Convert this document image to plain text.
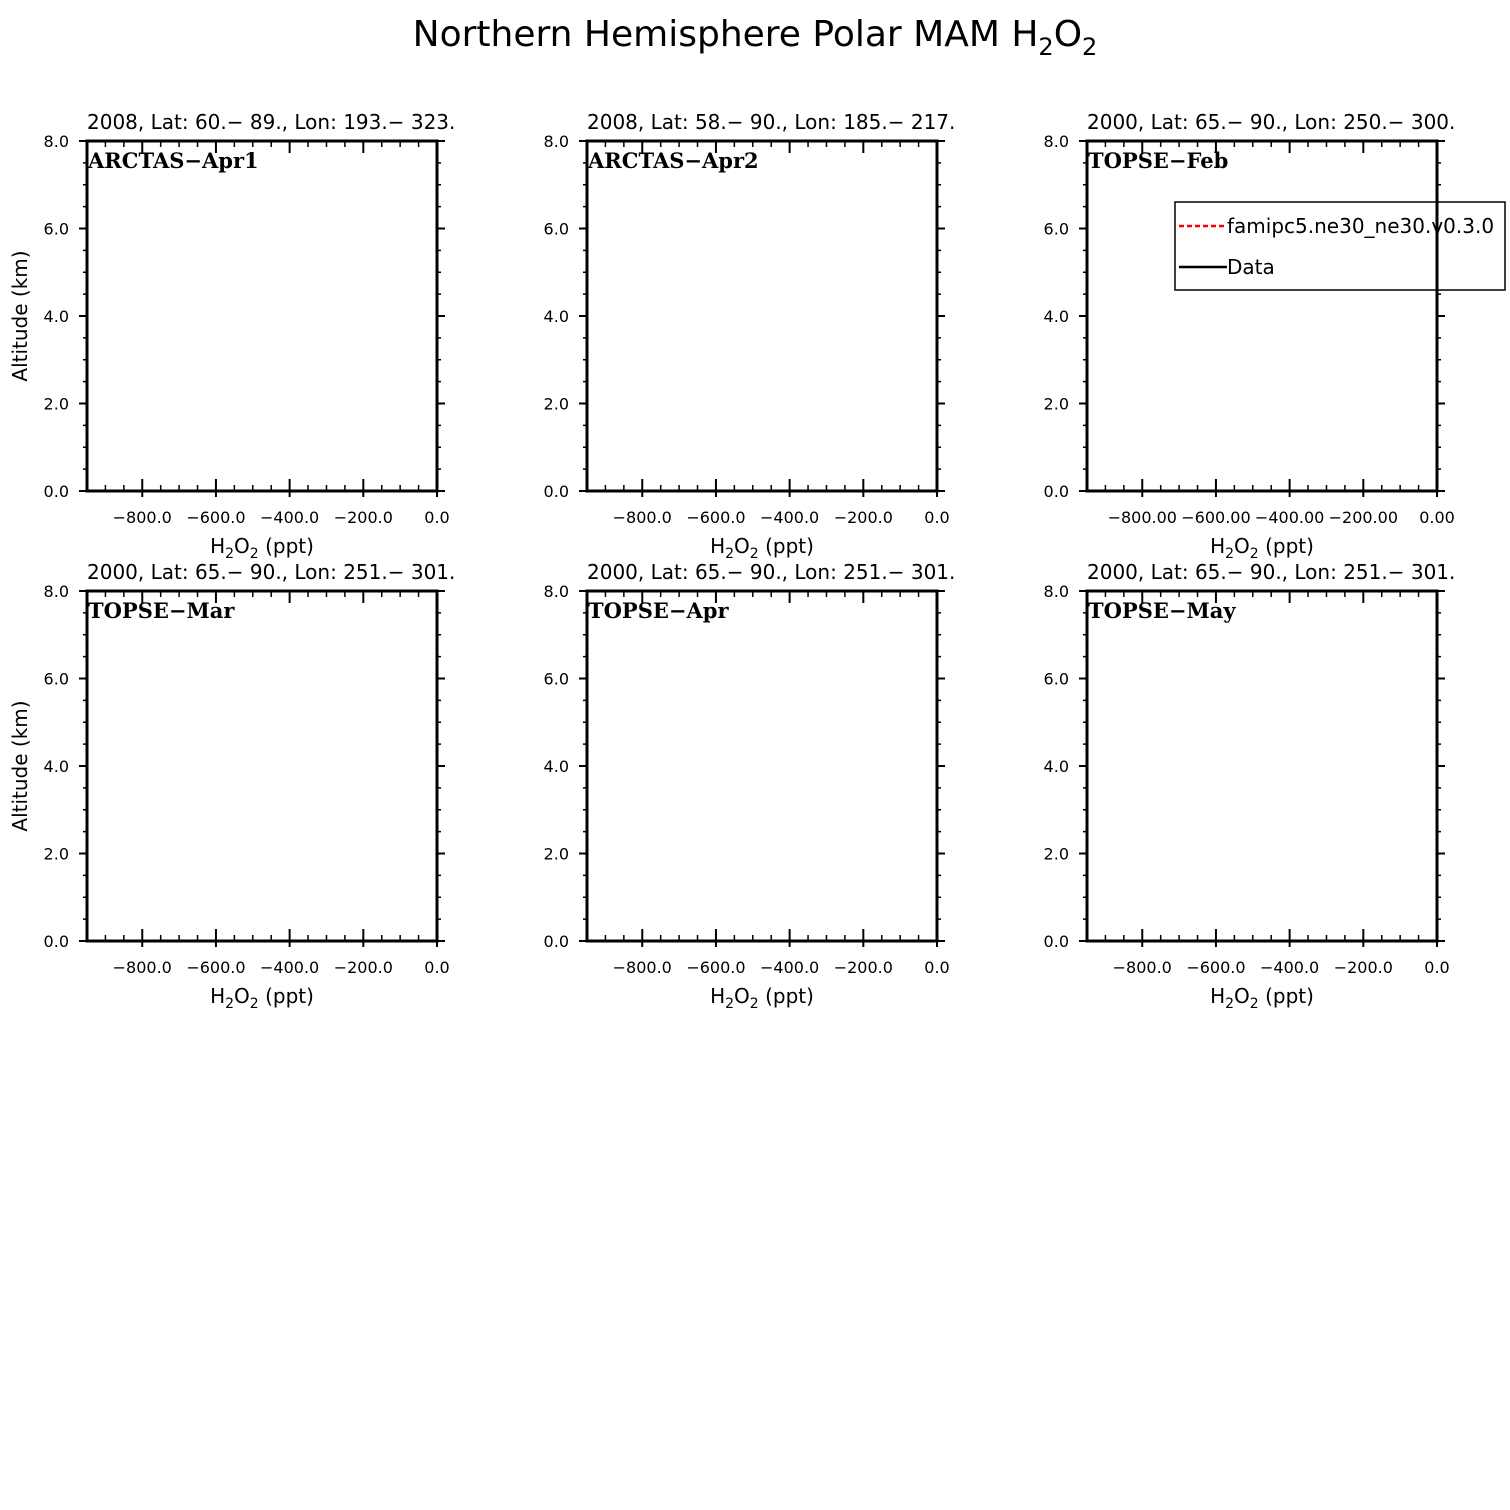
Northern Hemisphere Polar MAM $H_2O_2$
2008, Lat: 60.− 89., Lon: 193.− 323.
−800.0 −600.0 −400.0 −200.0 0.0
0.0
2.0
4.0
6.0
8.0
$H_2O_2$ (ppt)
Altitude (km)
ARCTAS−Apr1
2008, Lat: 58.− 90., Lon: 185.− 217.
−800.0 −600.0 −400.0 −200.0 0.0
0.0
2.0
4.0
6.0
8.0
$H_2O_2$ (ppt)
ARCTAS−Apr2
2000, Lat: 65.− 90., Lon: 250.− 300.
−800.00 −600.00 −400.00 −200.00 0.00
0.0
2.0
4.0
6.0
8.0
$H_2O_2$ (ppt)
TOPSE−Feb
famipc5.ne30_ne30.v0.3.0
Data
2000, Lat: 65.− 90., Lon: 251.− 301.
−800.0 −600.0 −400.0 −200.0 0.0
0.0
2.0
4.0
6.0
8.0
$H_2O_2$ (ppt)
Altitude (km)
TOPSE−Mar
2000, Lat: 65.− 90., Lon: 251.− 301.
−800.0 −600.0 −400.0 −200.0 0.0
0.0
2.0
4.0
6.0
8.0
$H_2O_2$ (ppt)
TOPSE−Apr
2000, Lat: 65.− 90., Lon: 251.− 301.
−800.0 −600.0 −400.0 −200.0 0.0
0.0
2.0
4.0
6.0
8.0
$H_2O_2$ (ppt)
TOPSE−May
